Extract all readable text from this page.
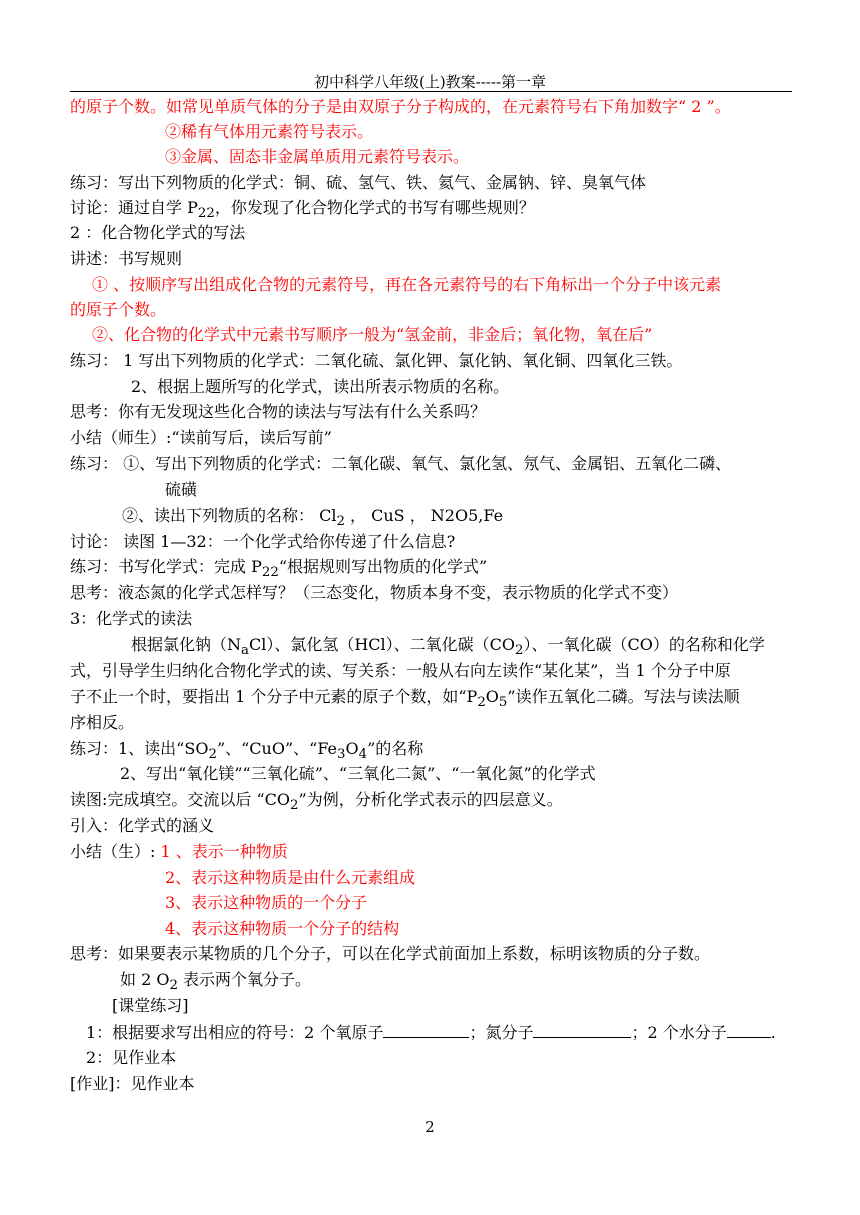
初中科学八年级(上)教案-----第一章
的原子个数。如常见单质气体的分子是由双原子分子构成的，在元素符号右下角加数字“ 2 ”。
②稀有气体用元素符号表示。
③金属、固态非金属单质用元素符号表示。
练习：写出下列物质的化学式：铜、硫、氢气、铁、氦气、金属钠、锌、臭氧气体
讨论：通过自学 $P_{22}$，你发现了化合物化学式的书写有哪些规则？
2 ：化合物化学式的写法
讲述：书写规则
① 、按顺序写出组成化合物的元素符号，再在各元素符号的右下角标出一个分子中该元素
的原子个数。
②、化合物的化学式中元素书写顺序一般为“氢金前，非金后；氧化物，氧在后”
练习： 1 写出下列物质的化学式：二氧化硫、氯化钾、氯化钠、氧化铜、四氧化三铁。
2、根据上题所写的化学式，读出所表示物质的名称。
思考：你有无发现这些化合物的读法与写法有什么关系吗？
小结（师生）:“读前写后，读后写前”
练习： ①、写出下列物质的化学式：二氧化碳、氧气、氯化氢、氖气、金属铝、五氧化二磷、
硫磺
②、读出下列物质的名称： $Cl_2$ ， CuS ， N2O5,Fe
讨论： 读图 1—32：一个化学式给你传递了什么信息?
练习：书写化学式：完成 $P_{22}“$根据规则写出物质的化学式”
思考：液态氮的化学式怎样写？（三态变化，物质本身不变，表示物质的化学式不变）
3：化学式的读法
根据氯化钠$(N_aCl)$、氯化氢（HCl）、二氧化碳$(CO_2)$、一氧化碳（CO）的名称和化学
式，引导学生归纳化合物化学式的读、写关系：一般从右向左读作“某化某”，当 1 个分子中原
子不止一个时，要指出 1 个分子中元素的原子个数，如“$P_2O_5$”读作五氧化二磷。写法与读法顺
序相反。
练习：1、读出“$SO_2$”、“CuO”、“$Fe_3O_4$”的名称
2、写出“氧化镁”“三氧化硫”、“三氧化二氮”、“一氧化氮”的化学式
读图:完成填空。交流以后 “$CO_2$”为例，分析化学式表示的四层意义。
引入：化学式的涵义
小结（生）: 1 、表示一种物质
2、表示这种物质是由什么元素组成
3、表示这种物质的一个分子
4、表示这种物质一个分子的结构
思考：如果要表示某物质的几个分子，可以在化学式前面加上系数，标明该物质的分子数。
如 2 $O_2$ 表示两个氧分子。
[课堂练习]
1：根据要求写出相应的符号：2 个氧原子	；氮分子	；2 个水分子	.
2：见作业本
[作业]：见作业本
2
